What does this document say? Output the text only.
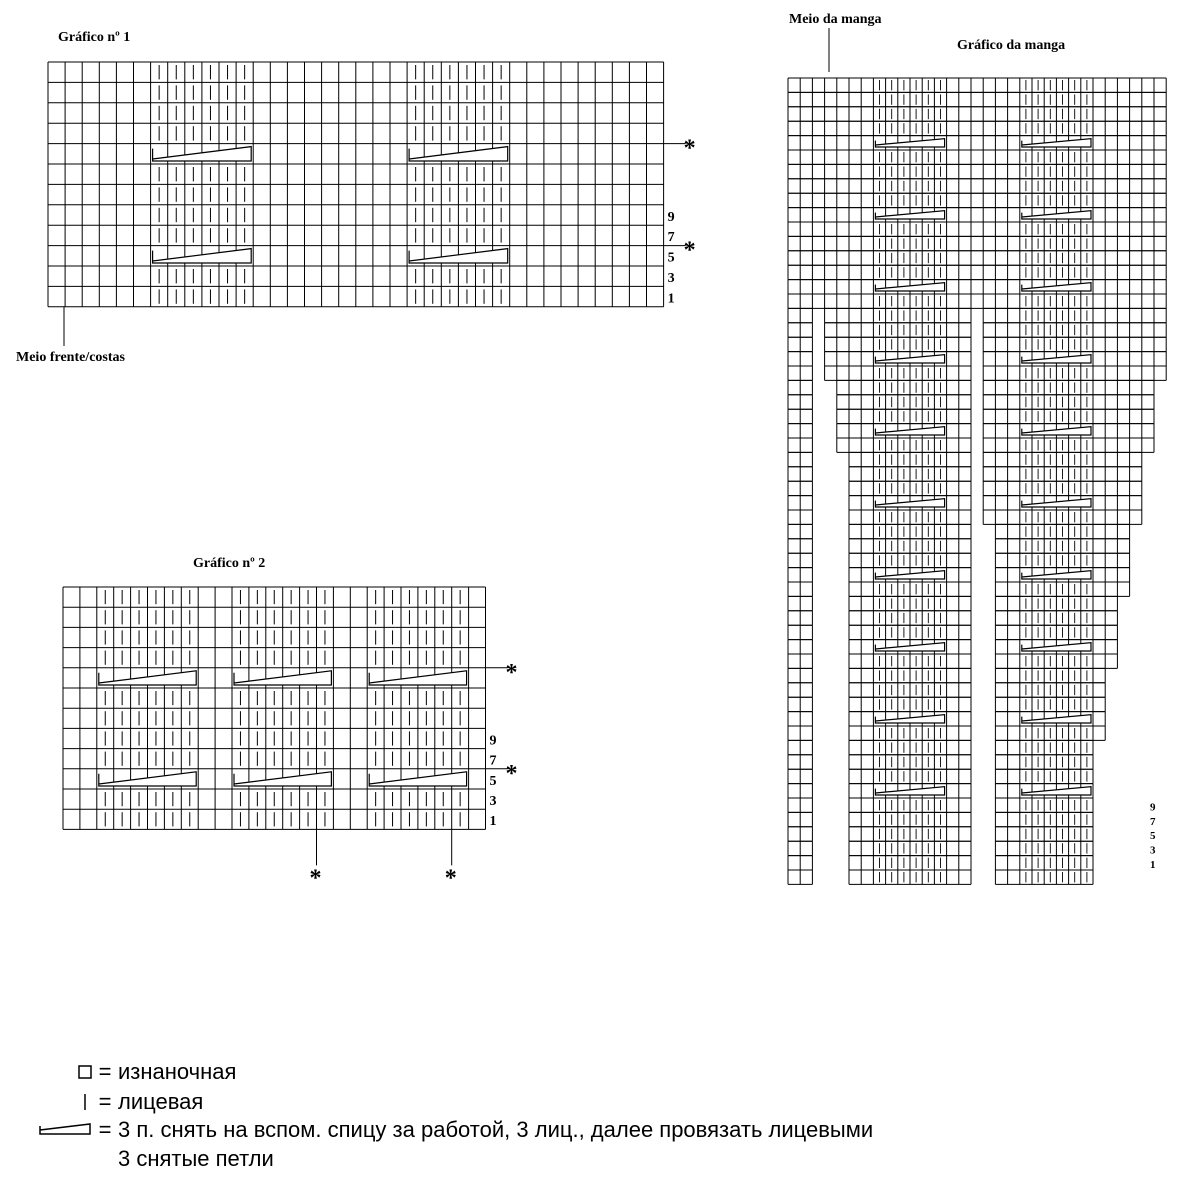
Gráfico nº 1
*
*
9
7
5
3
1
*
*
9
7
5
3
1
*	*
9
7
5
3
1
Meio frente/costas
Gráfico nº 2
Meio da manga
Gráfico da manga
= изнаночная
= лицевая
= 3 п. снять на вспом. спицу за работой, 3 лиц., далее провязать лицевыми
3 снятые петли
